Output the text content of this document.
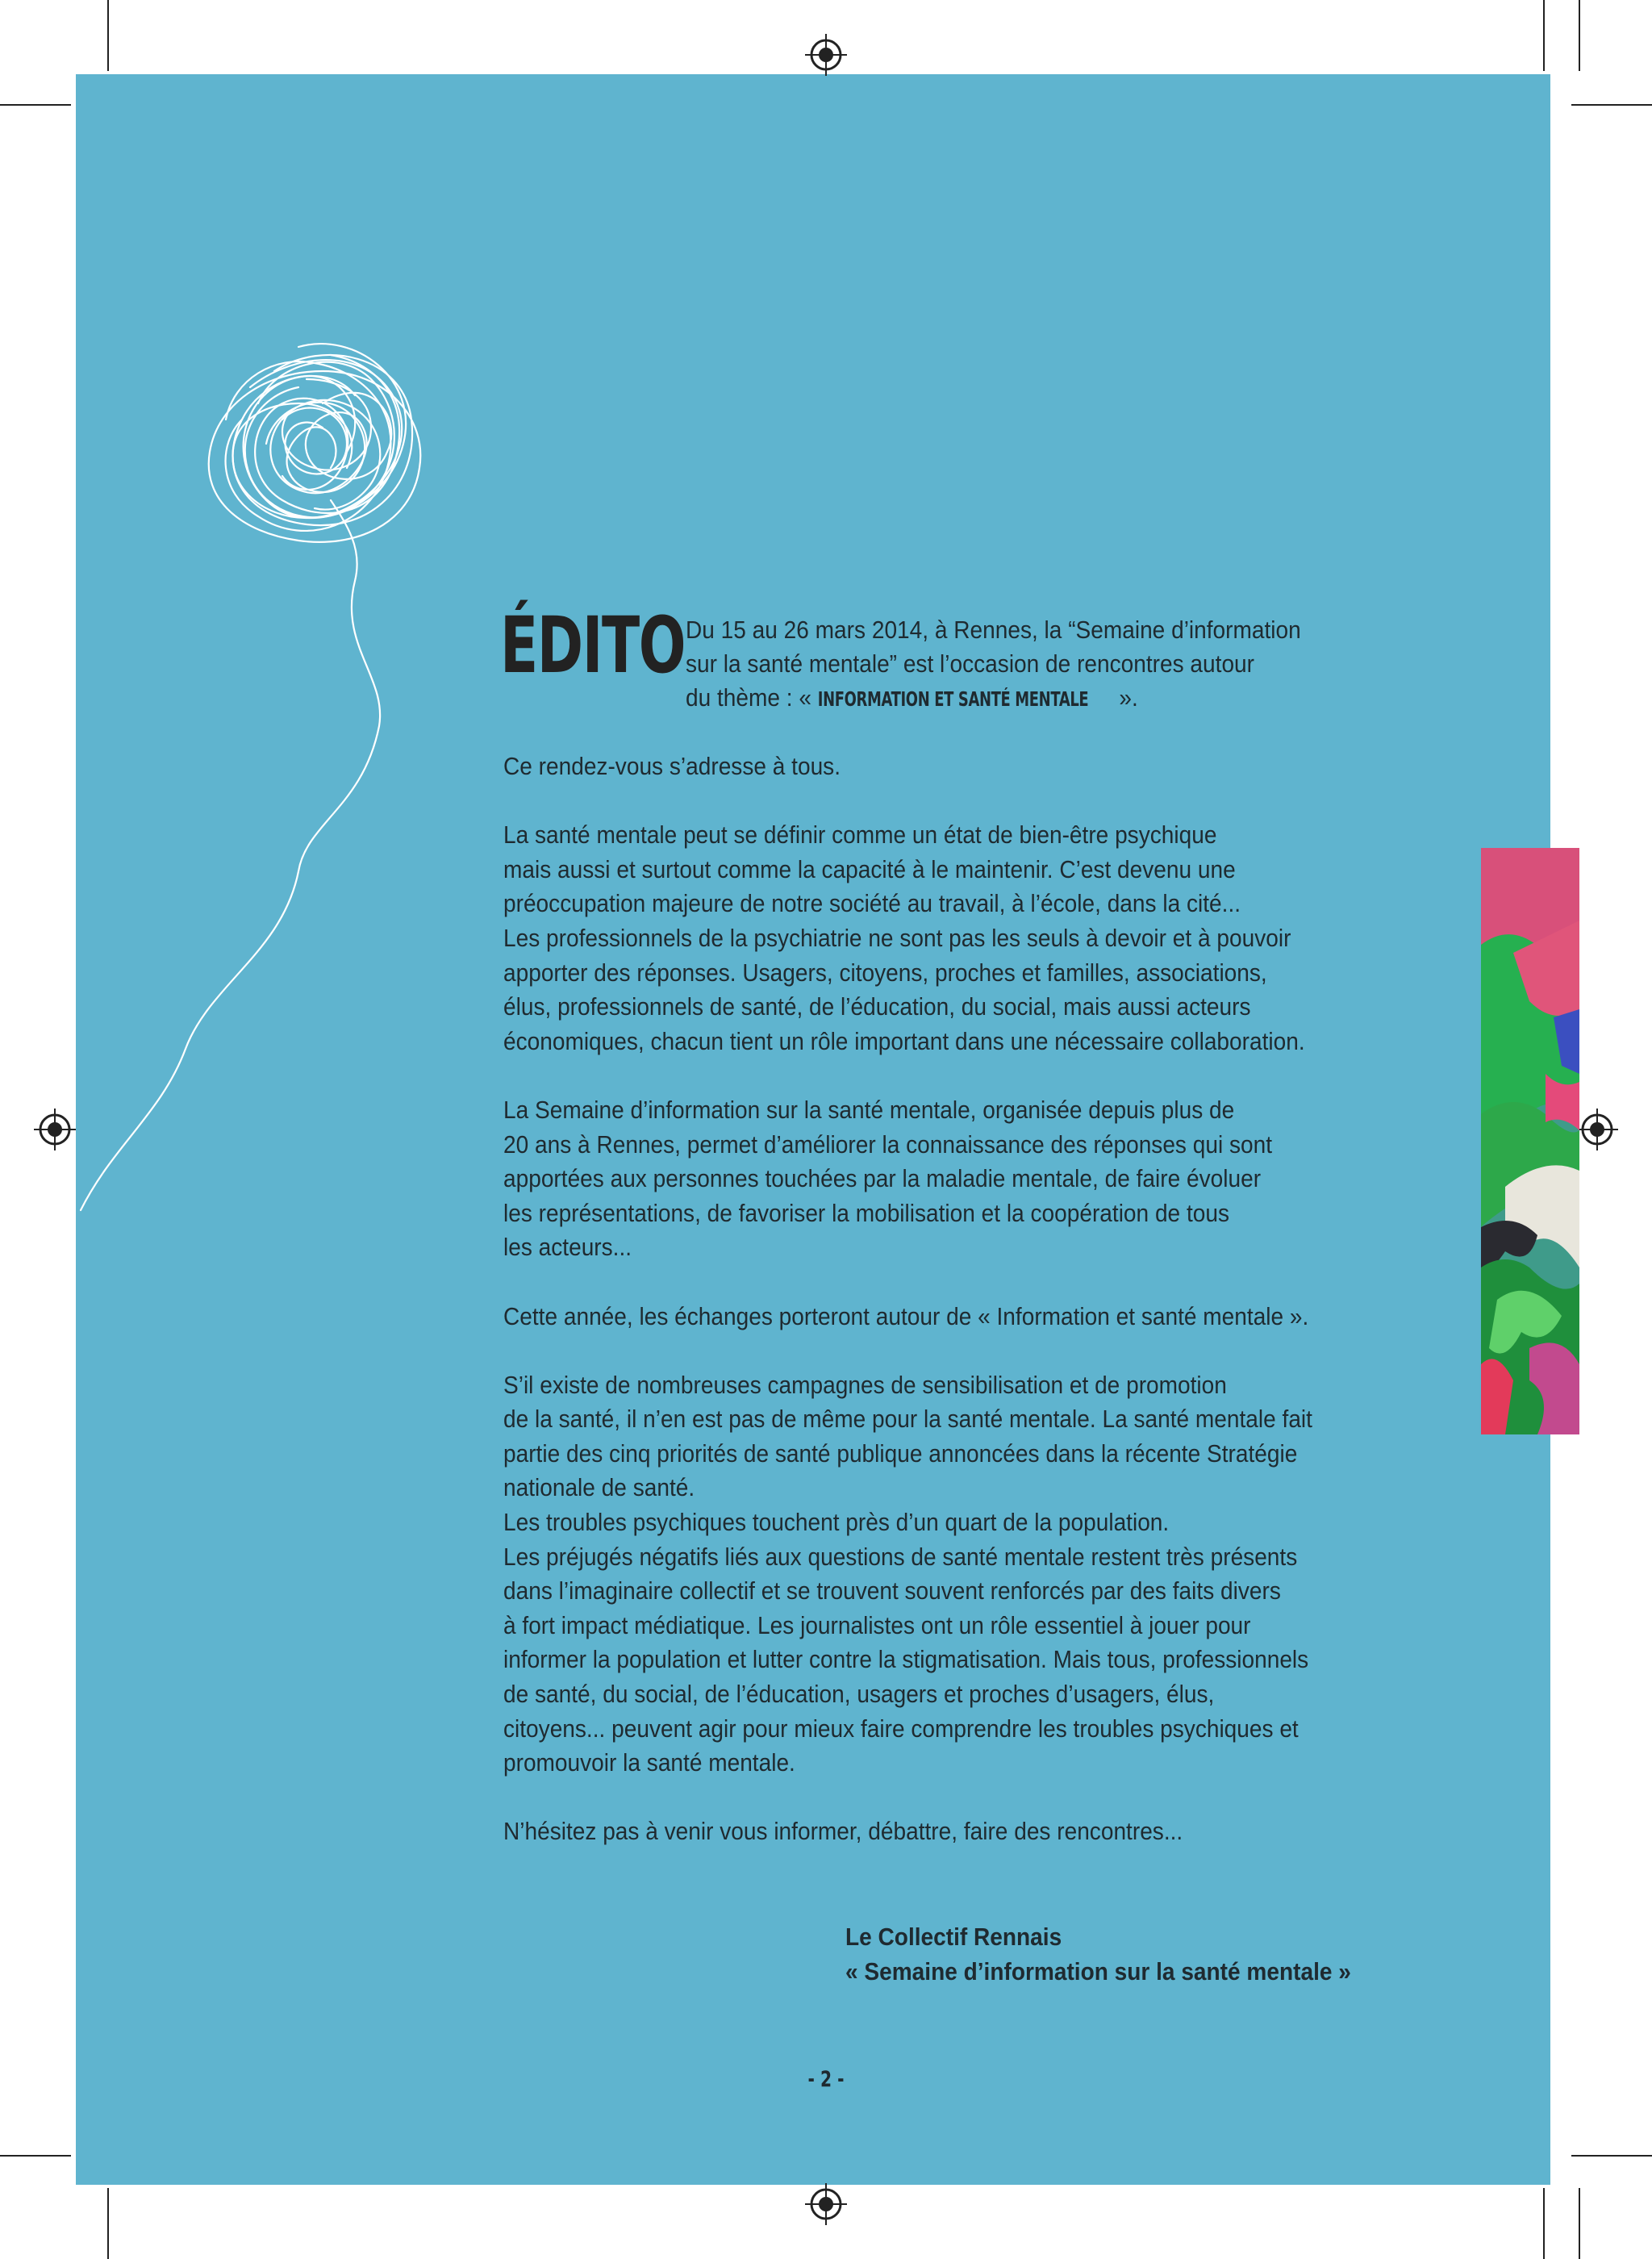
ÉDITO Du 15 au 26 mars 2014, à Rennes, la “Semaine d’information
sur la santé mentale” est l’occasion de rencontres autour
du thème : « INFORMATION ET SANTÉ MENTALE ».

Ce rendez-vous s’adresse à tous.

La santé mentale peut se définir comme un état de bien-être psychique
mais aussi et surtout comme la capacité à le maintenir. C’est devenu une
préoccupation majeure de notre société au travail, à l’école, dans la cité...
Les professionnels de la psychiatrie ne sont pas les seuls à devoir et à pouvoir
apporter des réponses. Usagers, citoyens, proches et familles, associations,
élus, professionnels de santé, de l’éducation, du social, mais aussi acteurs
économiques, chacun tient un rôle important dans une nécessaire collaboration.

La Semaine d’information sur la santé mentale, organisée depuis plus de
20 ans à Rennes, permet d’améliorer la connaissance des réponses qui sont
apportées aux personnes touchées par la maladie mentale, de faire évoluer
les représentations, de favoriser la mobilisation et la coopération de tous
les acteurs...

Cette année, les échanges porteront autour de « Information et santé mentale ».

S’il existe de nombreuses campagnes de sensibilisation et de promotion
de la santé, il n’en est pas de même pour la santé mentale. La santé mentale fait
partie des cinq priorités de santé publique annoncées dans la récente Stratégie
nationale de santé.
Les troubles psychiques touchent près d’un quart de la population.
Les préjugés négatifs liés aux questions de santé mentale restent très présents
dans l’imaginaire collectif et se trouvent souvent renforcés par des faits divers
à fort impact médiatique. Les journalistes ont un rôle essentiel à jouer pour
informer la population et lutter contre la stigmatisation. Mais tous, professionnels
de santé, du social, de l’éducation, usagers et proches d’usagers, élus,
citoyens... peuvent agir pour mieux faire comprendre les troubles psychiques et
promouvoir la santé mentale.

N’hésitez pas à venir vous informer, débattre, faire des rencontres...

Le Collectif Rennais
« Semaine d’information sur la santé mentale »
- 2 -
